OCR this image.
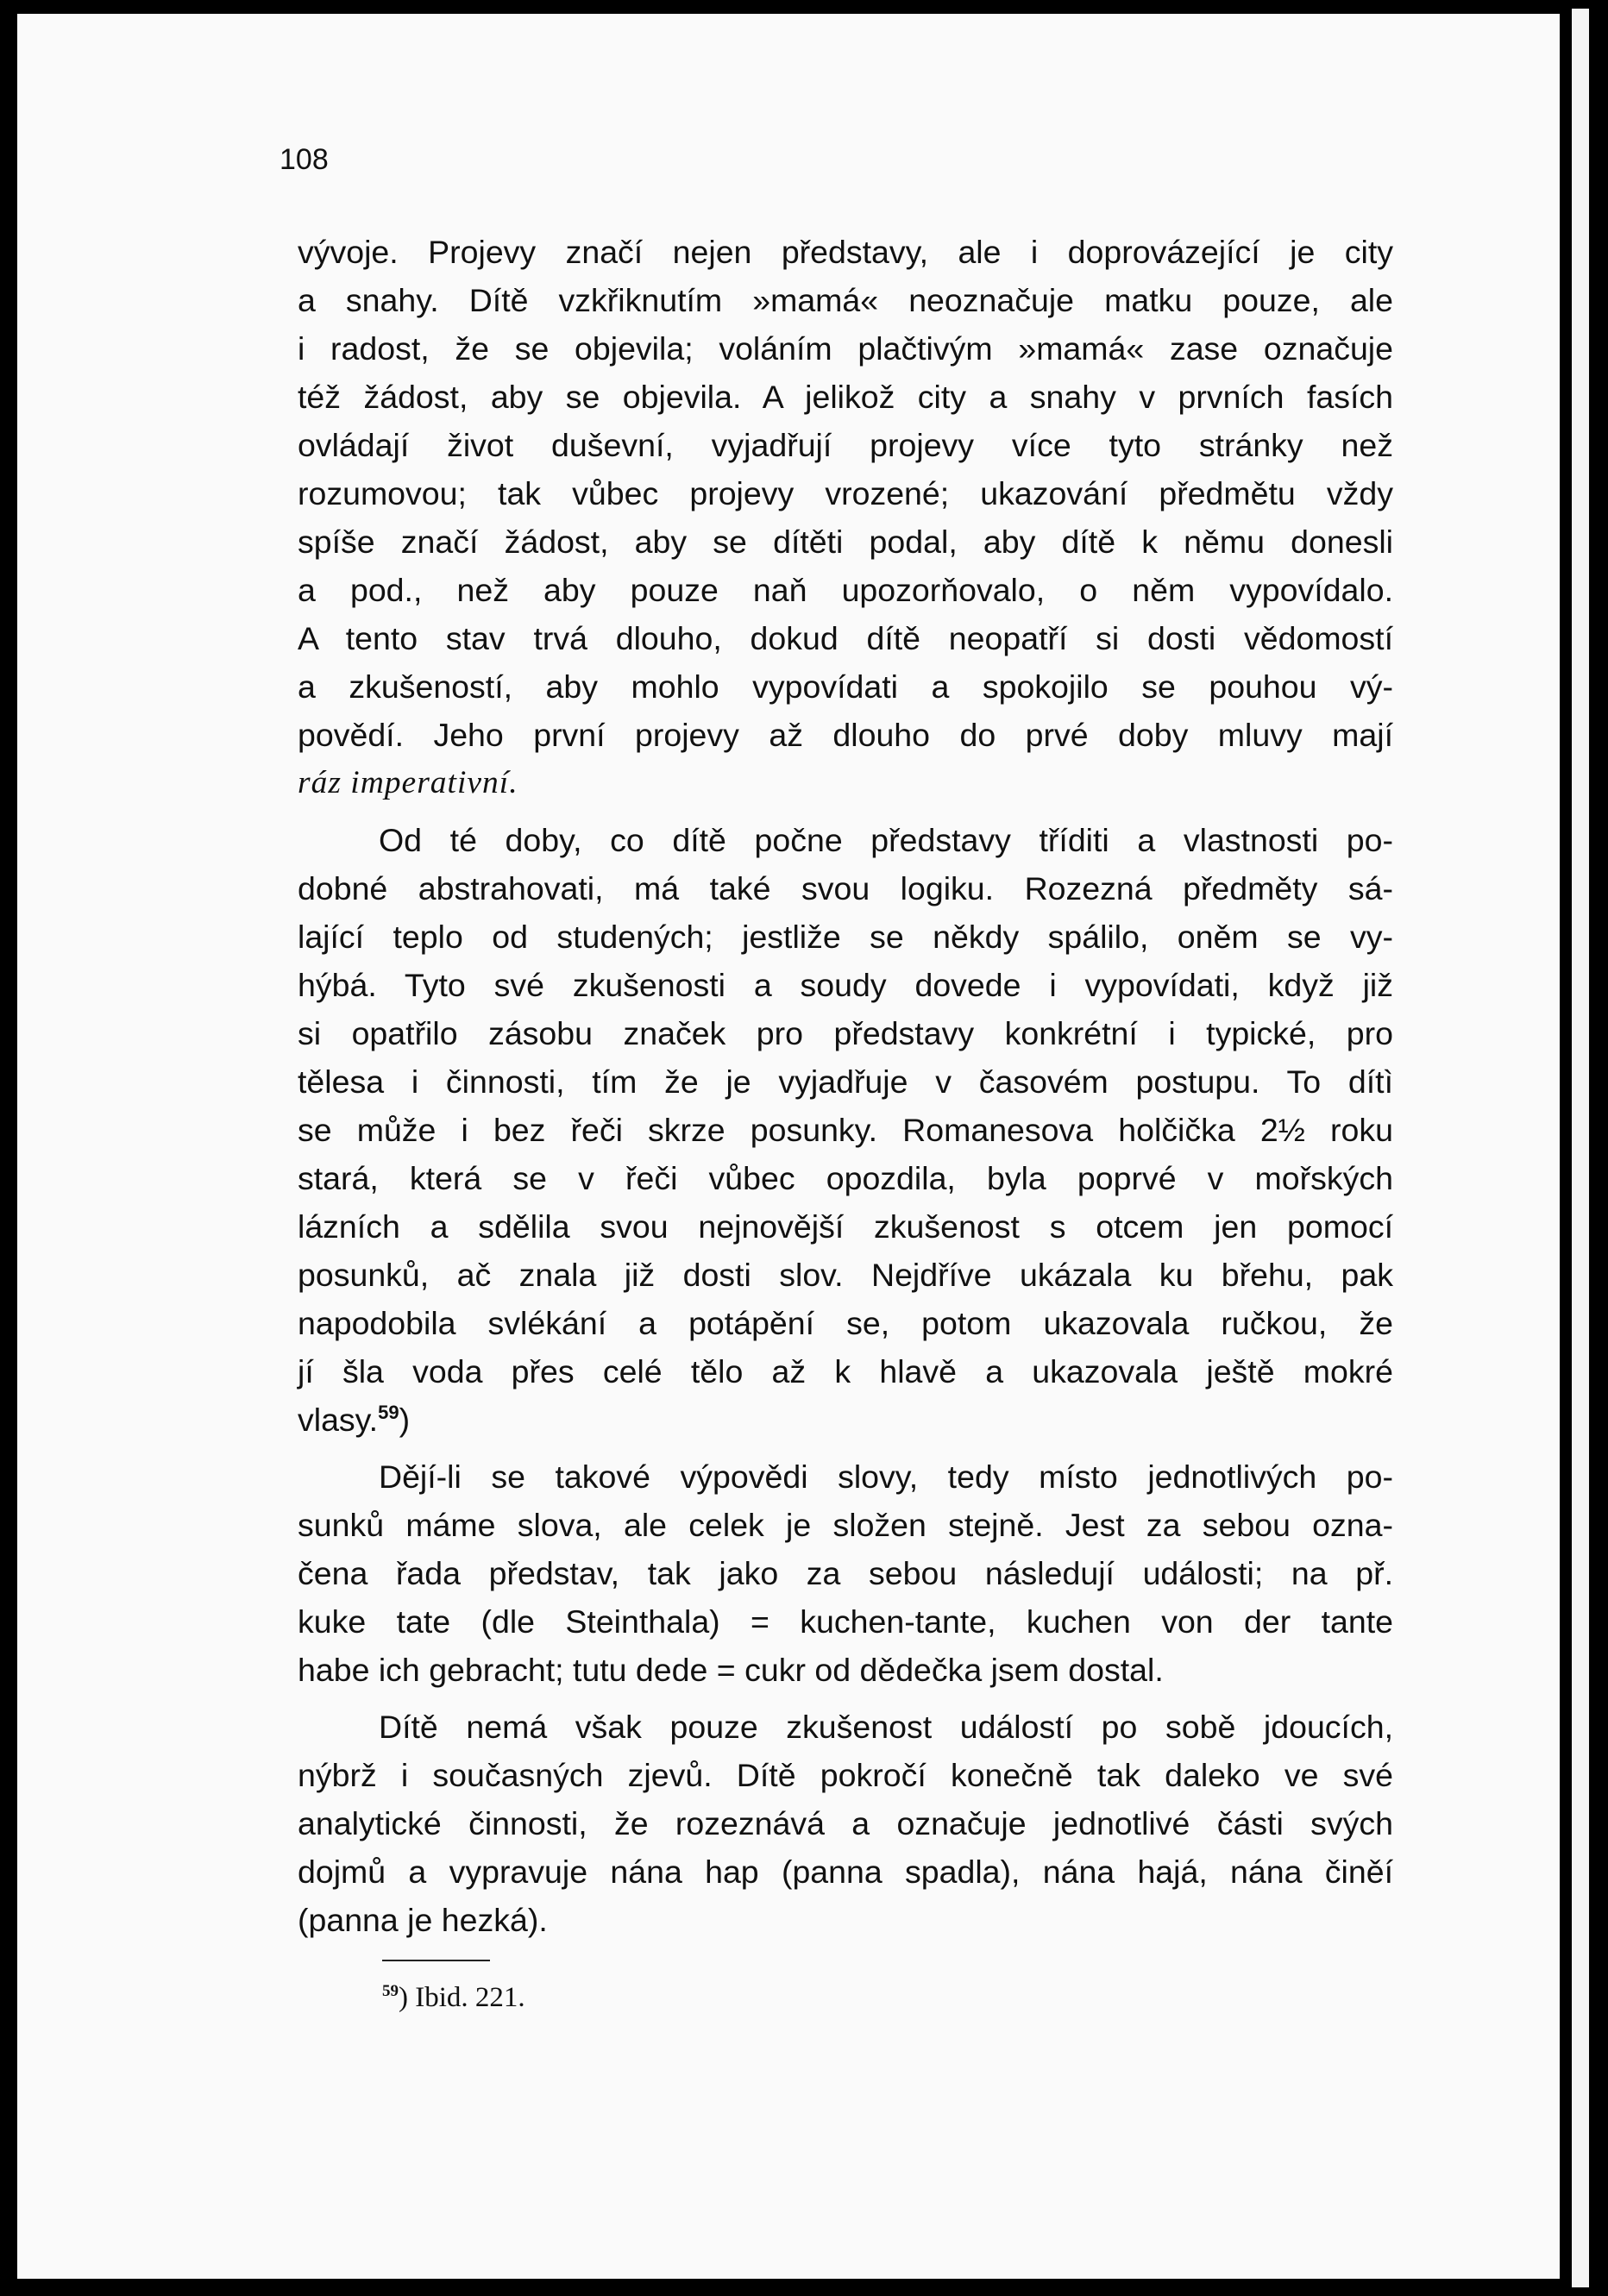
108
vývoje. Projevy značí nejen představy, ale i doprovázející je city
a snahy. Dítě vzkřiknutím »mamá« neoznačuje matku pouze, ale
i radost, že se objevila; voláním plačtivým »mamá« zase označuje
též žádost, aby se objevila. A jelikož city a snahy v prvních fasích
ovládají život duševní, vyjadřují projevy více tyto stránky než
rozumovou; tak vůbec projevy vrozené; ukazování předmětu vždy
spíše značí žádost, aby se dítěti podal, aby dítě k němu donesli
a pod., než aby pouze naň upozorňovalo, o něm vypovídalo.
A tento stav trvá dlouho, dokud dítě neopatří si dosti vědomostí
a zkušeností, aby mohlo vypovídati a spokojilo se pouhou vý-
povědí. Jeho první projevy až dlouho do prvé doby mluvy mají
ráz imperativní.
Od té doby, co dítě počne představy tříditi a vlastnosti po-
dobné abstrahovati, má také svou logiku. Rozezná předměty sá-
lající teplo od studených; jestliže se někdy spálilo, oněm se vy-
hýbá. Tyto své zkušenosti a soudy dovede i vypovídati, když již
si opatřilo zásobu značek pro představy konkrétní i typické, pro
tělesa i činnosti, tím že je vyjadřuje v časovém postupu. To dítì
se může i bez řeči skrze posunky. Romanesova holčička 2½ roku
stará, která se v řeči vůbec opozdila, byla poprvé v mořských
lázních a sdělila svou nejnovější zkušenost s otcem jen pomocí
posunků, ač znala již dosti slov. Nejdříve ukázala ku břehu, pak
napodobila svlékání a potápění se, potom ukazovala ručkou, že
jí šla voda přes celé tělo až k hlavě a ukazovala ještě mokré
vlasy.$^{59}$)
Dějí-li se takové výpovědi slovy, tedy místo jednotlivých po-
sunků máme slova, ale celek je složen stejně. Jest za sebou ozna-
čena řada představ, tak jako za sebou následují události; na př.
kuke tate (dle Steinthala) = kuchen-tante, kuchen von der tante
habe ich gebracht; tutu dede = cukr od dědečka jsem dostal.
Dítě nemá však pouze zkušenost událostí po sobě jdoucích,
nýbrž i současných zjevů. Dítě pokročí konečně tak daleko ve své
analytické činnosti, že rozeznává a označuje jednotlivé části svých
dojmů a vypravuje nána hap (panna spadla), nána hajá, nána činěí
(panna je hezká).
$^{59}$) Ibid. 221.
